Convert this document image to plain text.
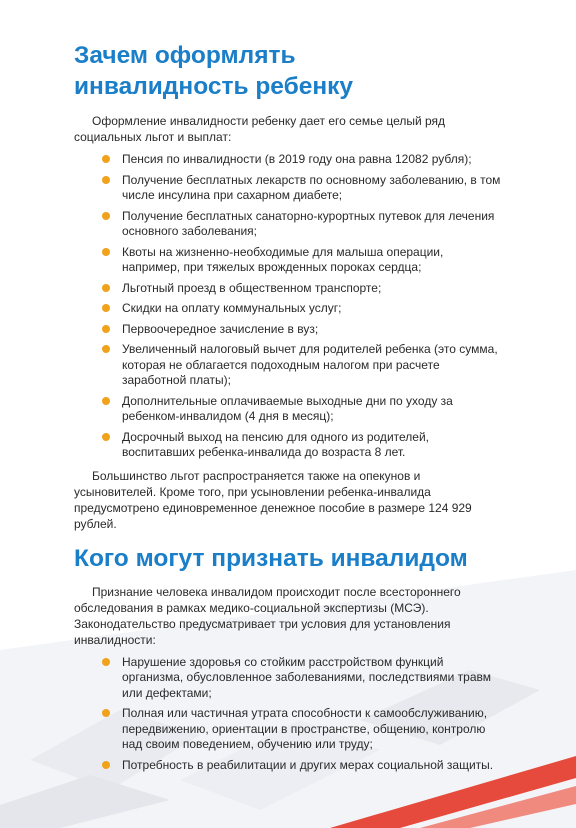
Зачем оформлять
инвалидность ребенку

Оформление инвалидности ребенку дает его семье целый ряд социальных льгот и выплат:

Пенсия по инвалидности (в 2019 году она равна 12082 рубля);
Получение бесплатных лекарств по основному заболеванию, в том числе инсулина при сахарном диабете;
Получение бесплатных санаторно-курортных путевок для лечения основного заболевания;
Квоты на жизненно-необходимые для малыша операции, например, при тяжелых врожденных пороках сердца;
Льготный проезд в общественном транспорте;
Скидки на оплату коммунальных услуг;
Первоочередное зачисление в вуз;
Увеличенный налоговый вычет для родителей ребенка (это сумма, которая не облагается подоходным налогом при расчете заработной платы);
Дополнительные оплачиваемые выходные дни по уходу за ребенком-инвалидом (4 дня в месяц);
Досрочный выход на пенсию для одного из родителей, воспитавших ребенка-инвалида до возраста 8 лет.

Большинство льгот распространяется также на опекунов и усыновителей. Кроме того, при усыновлении ребенка-инвалида предусмотрено единовременное денежное пособие в размере 124 929 рублей.

Кого могут признать инвалидом

Признание человека инвалидом происходит после всестороннего обследования в рамках медико-социальной экспертизы (МСЭ). Законодательство предусматривает три условия для установления инвалидности:

Нарушение здоровья со стойким расстройством функций организма, обусловленное заболеваниями, последствиями травм или дефектами;
Полная или частичная утрата способности к самообслуживанию, передвижению, ориентации в пространстве, общению, контролю над своим поведением, обучению или труду;
Потребность в реабилитации и других мерах социальной защиты.
